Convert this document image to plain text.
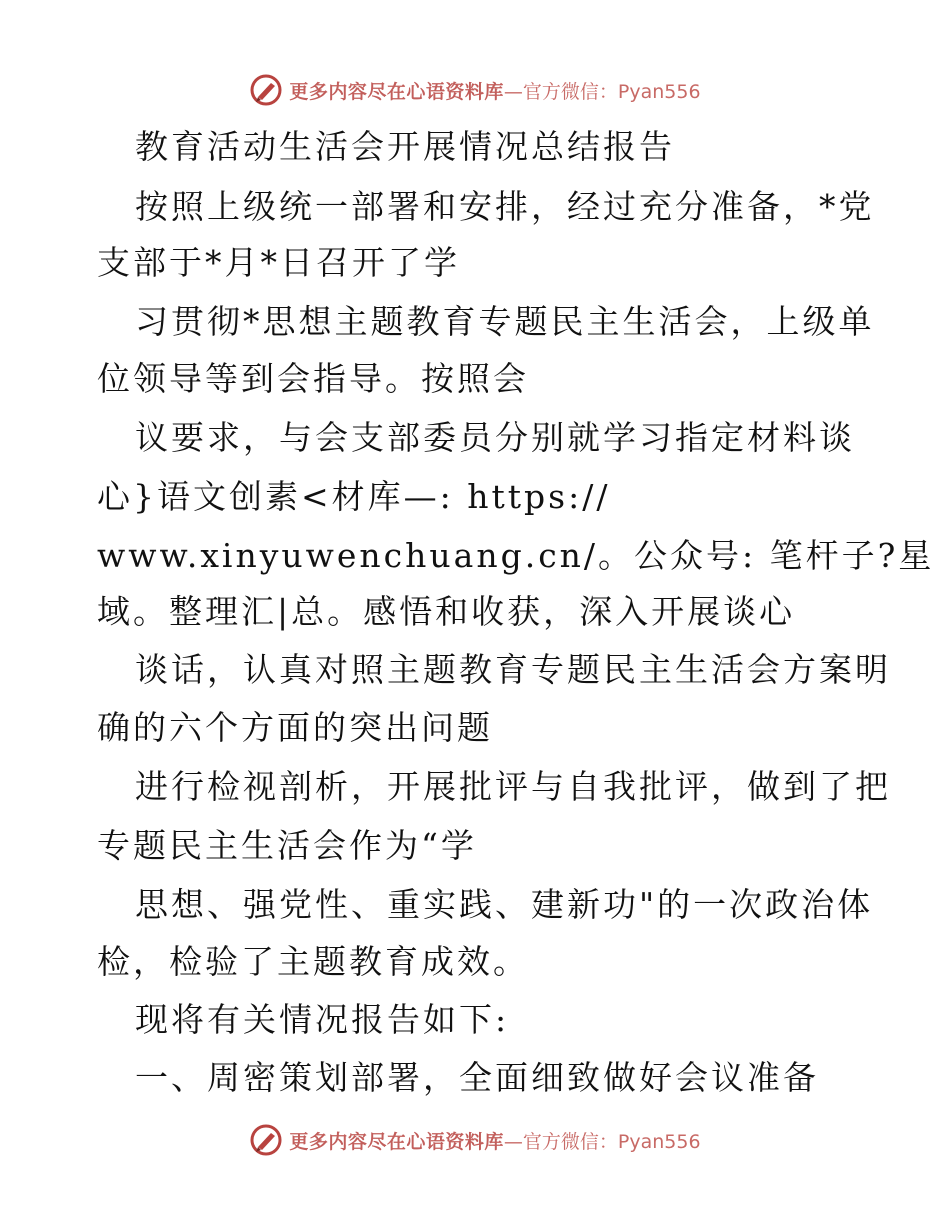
更多内容尽在心语资料库 —官方微信：Pyan556
教育活动生活会开展情况总结报告
按照上级统一部署和安排，经过充分准备，*党
支部于*月*日召开了学
习贯彻*思想主题教育专题民主生活会，上级单
位领导等到会指导。按照会
议要求，与会支部委员分别就学习指定材料谈
心}语文创素<材库—: https://
www.xinyuwenchuang.cn/。公众号: 笔杆子?星
域。整理汇|总。感悟和收获，深入开展谈心
谈话，认真对照主题教育专题民主生活会方案明
确的六个方面的突出问题
进行检视剖析，开展批评与自我批评，做到了把
专题民主生活会作为“学
思想、强党性、重实践、建新功"的一次政治体
检，检验了主题教育成效。
现将有关情况报告如下:
一、周密策划部署，全面细致做好会议准备
更多内容尽在心语资料库 —官方微信：Pyan556
